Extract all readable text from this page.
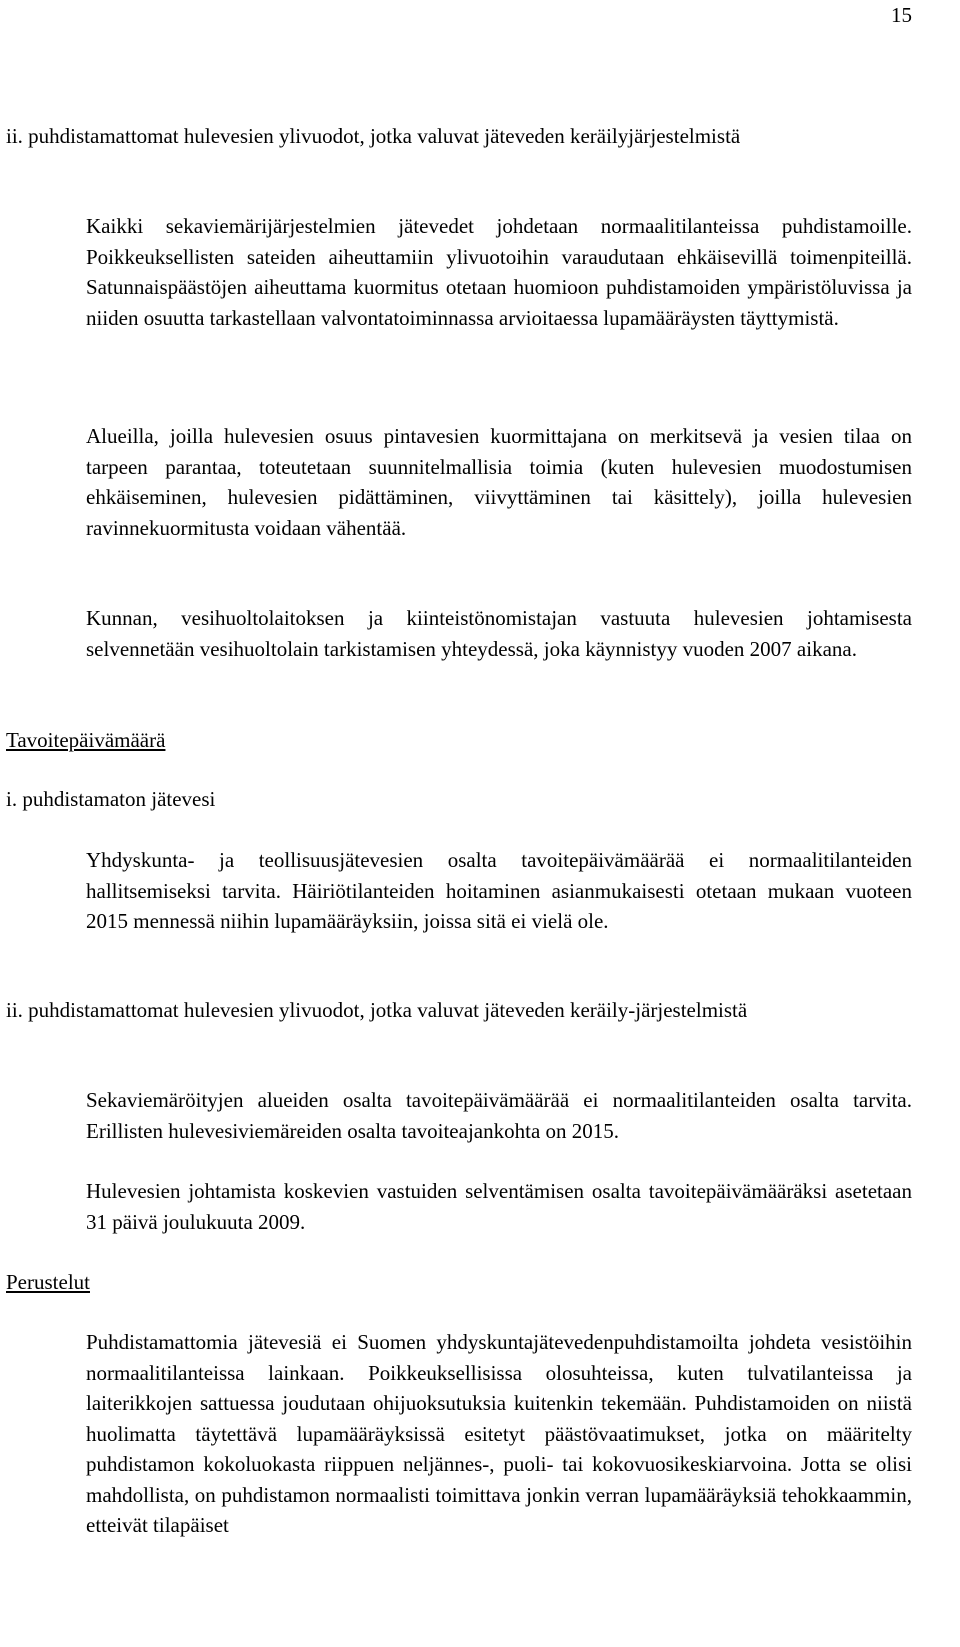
15

ii. puhdistamattomat hulevesien ylivuodot, jotka valuvat jäteveden keräilyjärjestelmistä

Kaikki sekaviemärijärjestelmien jätevedet johdetaan normaalitilanteissa puhdistamoille. Poikkeuksellisten sateiden aiheuttamiin ylivuotoihin varaudutaan ehkäisevillä toimenpiteillä. Satunnaispäästöjen aiheuttama kuormitus otetaan huomioon puhdistamoiden ympäristöluvissa ja niiden osuutta tarkastellaan valvontatoiminnassa arvioitaessa lupamääräysten täyttymistä.

Alueilla, joilla hulevesien osuus pintavesien kuormittajana on merkitsevä ja vesien tilaa on tarpeen parantaa, toteutetaan suunnitelmallisia toimia (kuten hulevesien muodostumisen ehkäiseminen, hulevesien pidättäminen, viivyttäminen tai käsittely), joilla hulevesien ravinnekuormitusta voidaan vähentää.

Kunnan, vesihuoltolaitoksen ja kiinteistönomistajan vastuuta hulevesien johtamisesta selvennetään vesihuoltolain tarkistamisen yhteydessä, joka käynnistyy vuoden 2007 aikana.

Tavoitepäivämäärä

i. puhdistamaton jätevesi

Yhdyskunta- ja teollisuusjätevesien osalta tavoitepäivämäärää ei normaalitilanteiden hallitsemiseksi tarvita. Häiriötilanteiden hoitaminen asianmukaisesti otetaan mukaan vuoteen 2015 mennessä niihin lupamääräyksiin, joissa sitä ei vielä ole.

ii. puhdistamattomat hulevesien ylivuodot, jotka valuvat jäteveden keräily-järjestelmistä

Sekaviemäröityjen alueiden osalta tavoitepäivämäärää ei normaalitilanteiden osalta tarvita. Erillisten hulevesiviemäreiden osalta tavoiteajankohta on 2015.

Hulevesien johtamista koskevien vastuiden selventämisen osalta tavoitepäivämääräksi asetetaan 31 päivä joulukuuta 2009.

Perustelut

Puhdistamattomia jätevesiä ei Suomen yhdyskuntajätevedenpuhdistamoilta johdeta vesistöihin normaalitilanteissa lainkaan. Poikkeuksellisissa olosuhteissa, kuten tulvatilanteissa ja laiterikkojen sattuessa joudutaan ohijuoksutuksia kuitenkin tekemään. Puhdistamoiden on niistä huolimatta täytettävä lupamääräyksissä esitetyt päästövaatimukset, jotka on määritelty puhdistamon kokoluokasta riippuen neljännes-, puoli- tai kokovuosikeskiarvoina. Jotta se olisi mahdollista, on puhdistamon normaalisti toimittava jonkin verran lupamääräyksiä tehokkaammin, etteivät tilapäiset
